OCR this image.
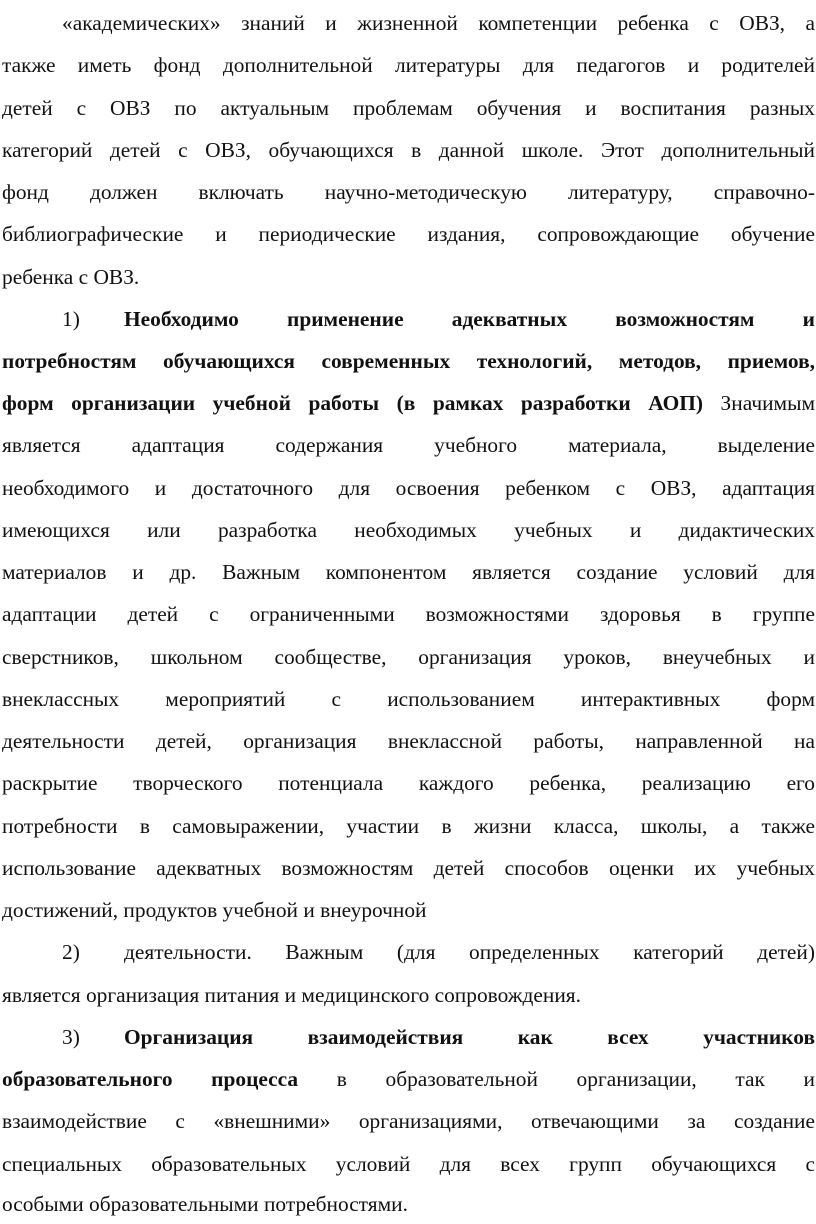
«академических» знаний и жизненной компетенции ребенка с ОВЗ, а

также иметь фонд дополнительной литературы для педагогов и родителей

детей с ОВЗ по актуальным проблемам обучения и воспитания разных

категорий детей с ОВЗ, обучающихся в данной школе. Этот дополнительный

фонд должен включать научно-методическую литературу, справочно-

библиографические и периодические издания, сопровождающие обучение

ребенка с ОВЗ.

1)	Необходимо применение адекватных возможностям и

потребностям обучающихся современных технологий, методов, приемов,

форм организации учебной работы (в рамках разработки АОП) Значимым

является адаптация содержания учебного материала, выделение

необходимого и достаточного для освоения ребенком с ОВЗ, адаптация

имеющихся или разработка необходимых учебных и дидактических

материалов и др. Важным компонентом является создание условий для

адаптации детей с ограниченными возможностями здоровья в группе

сверстников, школьном сообществе, организация уроков, внеучебных и

внеклассных мероприятий с использованием интерактивных форм

деятельности детей, организация внеклассной работы, направленной на

раскрытие творческого потенциала каждого ребенка, реализацию его

потребности в самовыражении, участии в жизни класса, школы, а также

использование адекватных возможностям детей способов оценки их учебных

достижений, продуктов учебной и внеурочной

2)	деятельности. Важным (для определенных категорий детей)

является организация питания и медицинского сопровождения.

3)	Организация взаимодействия как всех участников

образовательного процесса в образовательной организации, так и

взаимодействие с «внешними» организациями, отвечающими за создание

специальных образовательных условий для всех групп обучающихся с

особыми образовательными потребностями.
